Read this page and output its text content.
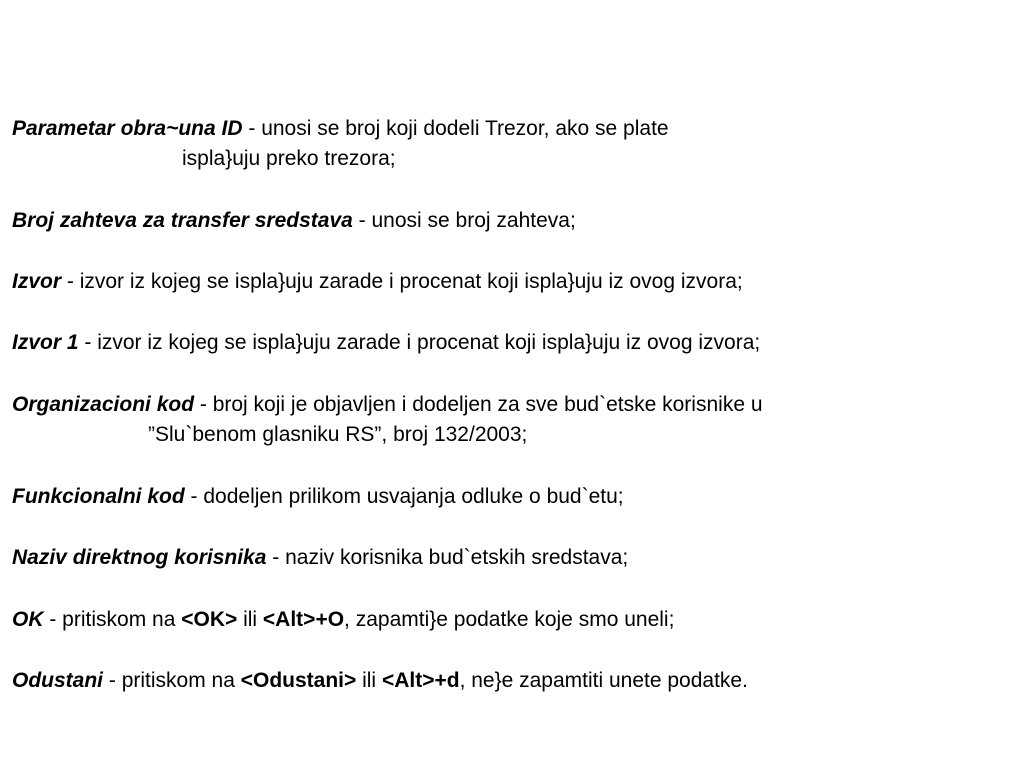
Parametar obra~una ID - unosi se broj koji dodeli Trezor, ako se plate
ispla}uju preko trezora;
Broj zahteva za transfer sredstava - unosi se broj zahteva;
Izvor - izvor iz kojeg se ispla}uju zarade i procenat koji ispla}uju iz ovog izvora;
Izvor 1 - izvor iz kojeg se ispla}uju zarade i procenat koji ispla}uju iz ovog izvora;
Organizacioni kod - broj koji je objavljen i dodeljen za sve bud`etske korisnike u
”Slu`benom glasniku RS”, broj 132/2003;
Funkcionalni kod - dodeljen prilikom usvajanja odluke o bud`etu;
Naziv direktnog korisnika - naziv korisnika bud`etskih sredstava;
OK - pritiskom na <OK> ili <Alt>+O, zapamti}e podatke koje smo uneli;
Odustani - pritiskom na <Odustani> ili <Alt>+d, ne}e zapamtiti unete podatke.
